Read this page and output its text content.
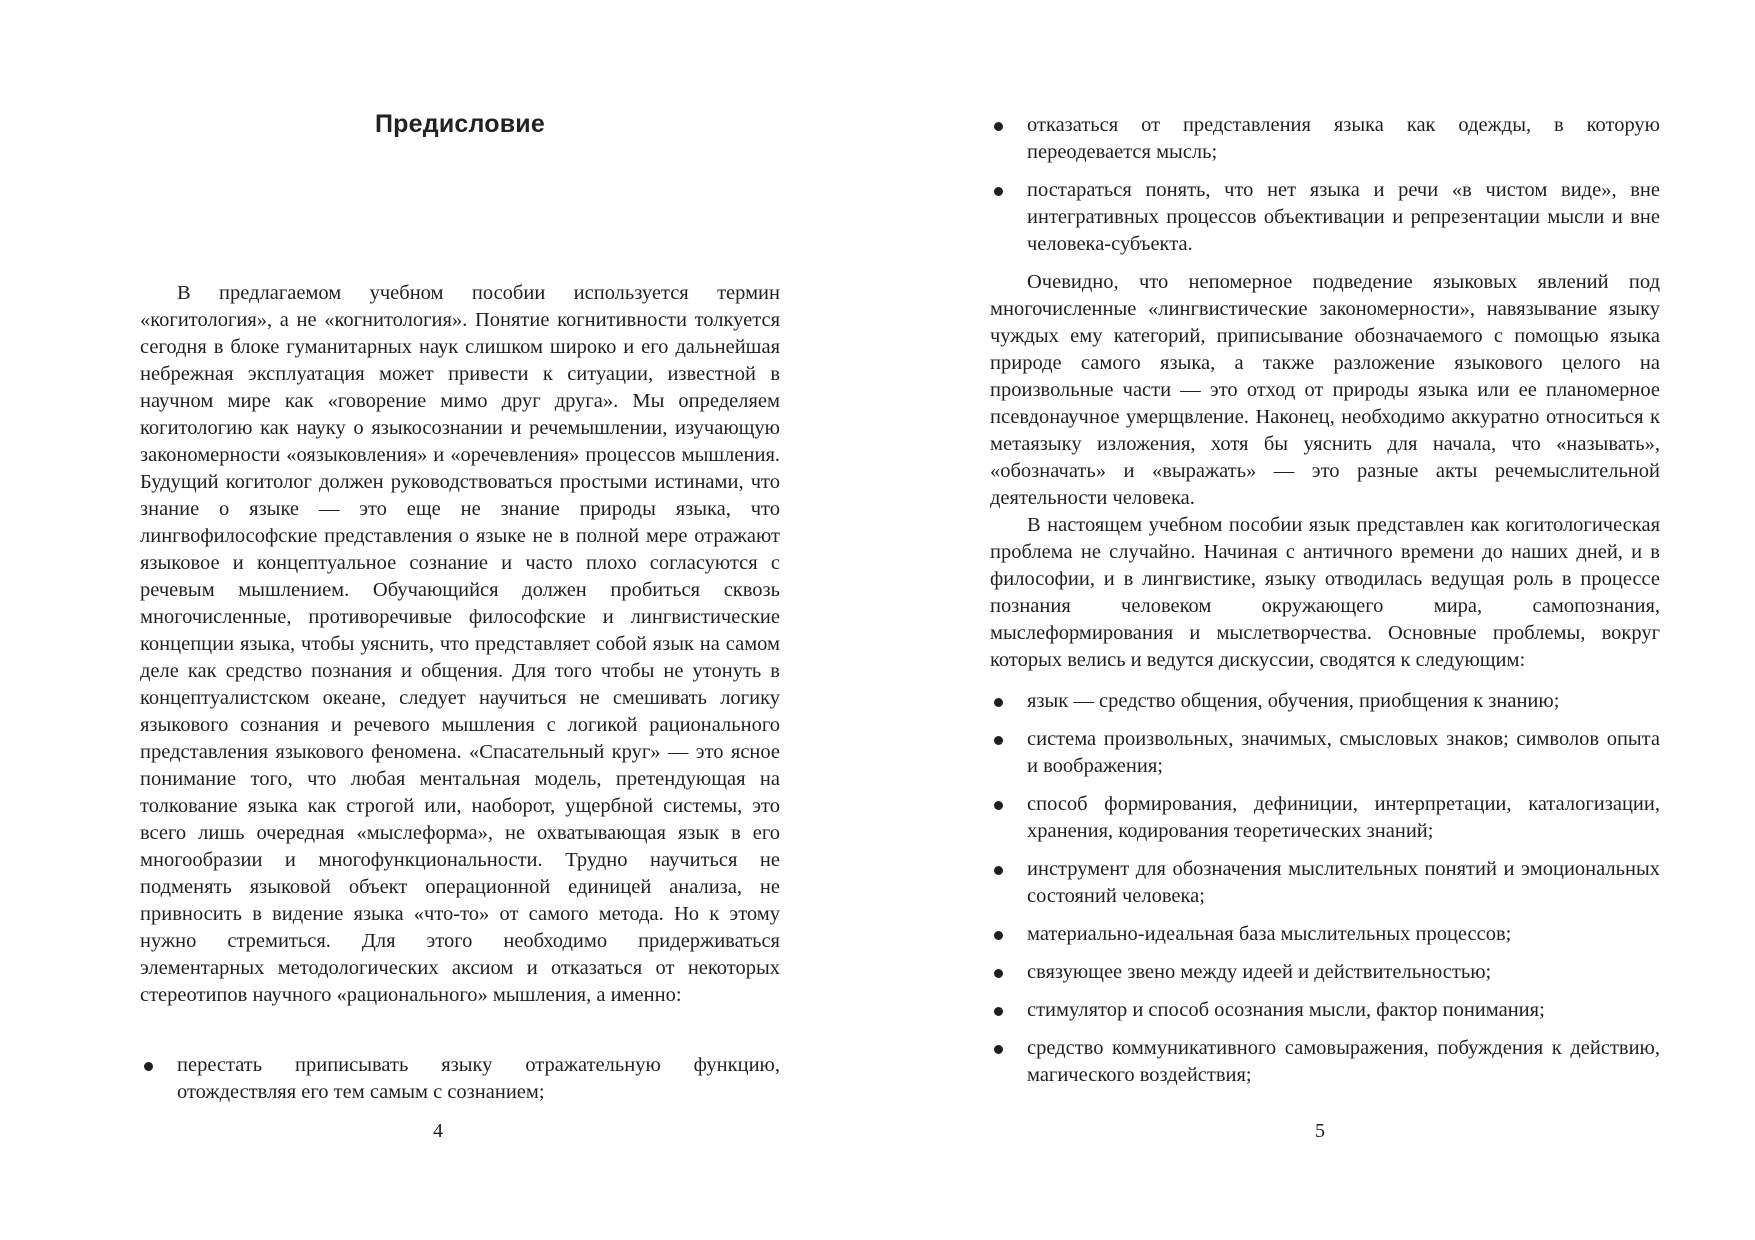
Предисловие

В предлагаемом учебном пособии используется термин «когитология», а не «когнитология». Понятие когнитивности толкуется сегодня в блоке гуманитарных наук слишком широко и его дальнейшая небрежная эксплуатация может привести к ситуации, известной в научном мире как «говорение мимо друг друга». Мы определяем когитологию как науку о языкосознании и речемышлении, изучающую закономерности «оязыковления» и «оречевления» процессов мышления. Будущий когитолог должен руководствоваться простыми истинами, что знание о языке — это еще не знание природы языка, что лингвофилософские представления о языке не в полной мере отражают языковое и концептуальное сознание и часто плохо согласуются с речевым мышлением. Обучающийся должен пробиться сквозь многочисленные, противоречивые философские и лингвистические концепции языка, чтобы уяснить, что представляет собой язык на самом деле как средство познания и общения. Для того чтобы не утонуть в концептуалистском океане, следует научиться не смешивать логику языкового сознания и речевого мышления с логикой рационального представления языкового феномена. «Спасательный круг» — это ясное понимание того, что любая ментальная модель, претендующая на толкование языка как строгой или, наоборот, ущербной системы, это всего лишь очередная «мыслеформа», не охватывающая язык в его многообразии и многофункциональности. Трудно научиться не подменять языковой объект операционной единицей анализа, не привносить в видение языка «что-то» от самого метода. Но к этому нужно стремиться. Для этого необходимо придерживаться элементарных методологических аксиом и отказаться от некоторых стереотипов научного «рационального» мышления, а именно:

перестать приписывать языку отражательную функцию, отождествляя его тем самым с сознанием;
4
отказаться от представления языка как одежды, в которую переодевается мысль;
постараться понять, что нет языка и речи «в чистом виде», вне интегративных процессов объективации и репрезентации мысли и вне человека-субъекта.

Очевидно, что непомерное подведение языковых явлений под многочисленные «лингвистические закономерности», навязывание языку чуждых ему категорий, приписывание обозначаемого с помощью языка природе самого языка, а также разложение языкового целого на произвольные части — это отход от природы языка или ее планомерное псевдонаучное умерщвление. Наконец, необходимо аккуратно относиться к метаязыку изложения, хотя бы уяснить для начала, что «называть», «обозначать» и «выражать» — это разные акты речемыслительной деятельности человека.

В настоящем учебном пособии язык представлен как когитологическая проблема не случайно. Начиная с античного времени до наших дней, и в философии, и в лингвистике, языку отводилась ведущая роль в процессе познания человеком окружающего мира, самопознания, мыслеформирования и мыслетворчества. Основные проблемы, вокруг которых велись и ведутся дискуссии, сводятся к следующим:

язык — средство общения, обучения, приобщения к знанию;
система произвольных, значимых, смысловых знаков; символов опыта и воображения;
способ формирования, дефиниции, интерпретации, каталогизации, хранения, кодирования теоретических знаний;
инструмент для обозначения мыслительных понятий и эмоциональных состояний человека;
материально-идеальная база мыслительных процессов;
связующее звено между идеей и действительностью;
стимулятор и способ осознания мысли, фактор понимания;
средство коммуникативного самовыражения, побуждения к действию, магического воздействия;
5
